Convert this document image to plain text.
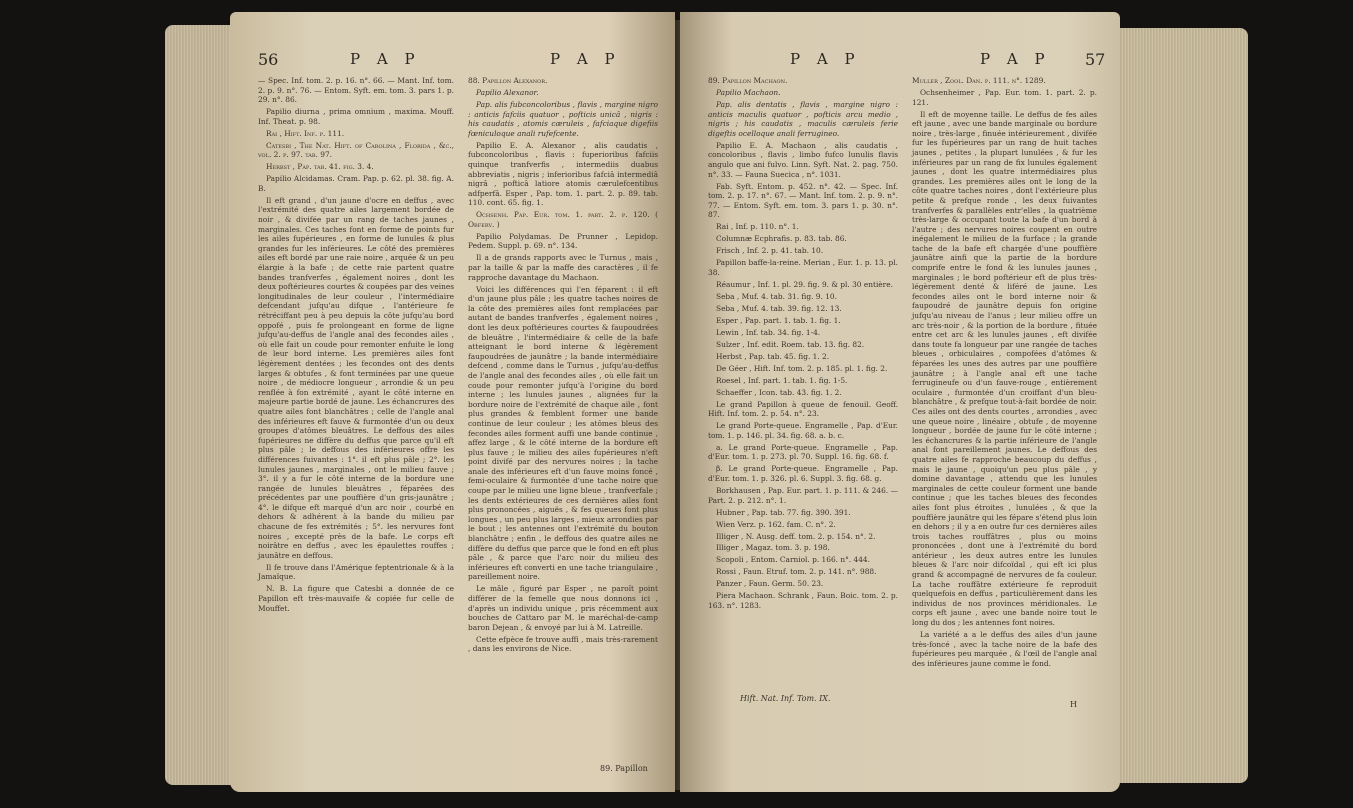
56	P A P	P A P

— Spec. Inf. tom. 2. p. 16. n°. 66. — Mant. Inf. tom. 2. p. 9. n°. 76. — Entom. Syft. em. tom. 3. pars 1. p. 29. n°. 86.

Papilio diurna , prima omnium , maxima. Mouff. Inf. Theat. p. 98.

Rai , Hift. Inf. p. 111.

Catesbi , The Nat. Hift. of Carolina , Florida , &c., vol. 2. p. 97. tab. 97.

Herbst , Pap. tab. 41. fig. 3. 4.

Papilio Alcidamas. Cram. Pap. p. 62. pl. 38. fig. A. B.

Il eft grand , d'un jaune d'ocre en deffus , avec l'extrémité des quatre ailes largement bordée de noir , & divifée par un rang de taches jaunes , marginales. Ces taches font en forme de points fur les ailes fupérieures , en forme de lunules & plus grandes fur les inférieures. Le côté des premières ailes eft bordé par une raie noire , arquée & un peu élargie à la bafe ; de cette raie partent quatre bandes tranfverfes , également noires , dont les deux poftérieures courtes & coupées par des veines longitudinales de leur couleur , l'intermédiaire defcendant jufqu'au difque , l'antérieure fe rétréciffant peu à peu depuis la côte jufqu'au bord oppofé , puis fe prolongeant en forme de ligne jufqu'au-deffus de l'angle anal des fecondes ailes , où elle fait un coude pour remonter enfuite le long de leur bord interne. Les premières ailes font légèrement dentées ; les fecondes ont des dents larges & obtufes , & font terminées par une queue noire , de médiocre longueur , arrondie & un peu renflée à fon extrémité , ayant le côté interne en majeure partie bordé de jaune. Les échancrures des quatre ailes font blanchâtres ; celle de l'angle anal des inférieures eft fauve & furmontée d'un ou deux groupes d'atômes bleuâtres. Le deffous des ailes fupérieures ne diffère du deffus que parce qu'il eft plus pâle ; le deffous des inférieures offre les différences fuivantes : 1°. il eft plus pâle ; 2°. les lunules jaunes , marginales , ont le milieu fauve ; 3°. il y a fur le côté interne de la bordure une rangée de lunules bleuâtres , féparées des précédentes par une pouffière d'un gris-jaunâtre ; 4°. le difque eft marqué d'un arc noir , courbé en dehors & adhérent à la bande du milieu par chacune de fes extrémités ; 5°. les nervures font noires , excepté près de la bafe. Le corps eft noirâtre en deffus , avec les épaulettes rouffes ; jaunâtre en deffous.

Il fe trouve dans l'Amérique feptentrionale & à la Jamaïque.

N. B. La figure que Catesbi a donnée de ce Papillon eft très-mauvaife & copiée fur celle de Mouffet.

88. Papillon Alexanor.

Papilio Alexanor.

Pap. alis fubconcoloribus , flavis , margine nigro : anticis fafciis quatuor , pofticis unicâ , nigris : his caudatis , atomis cæruleis , fafciaque digefiis fœniculoque anali rufefcente.

Papilio E. A. Alexanor , alis caudatis , fubconcoloribus , flavis : fuperioribus fafciis quinque tranfverfis , intermediis duabus abbreviatis , nigris ; inferioribus fafciâ intermediâ nigrâ , pofticâ latiore atomis cærulefcentibus adfperfâ. Esper , Pap. tom. 1. part. 2. p. 89. tab. 110. cont. 65. fig. 1.

Ochsenh. Pap. Eur. tom. 1. part. 2. p. 120. ( Obferv. )

Papilio Polydamas. De Prunner , Lepidop. Pedem. Suppl. p. 69. n°. 134.

Il a de grands rapports avec le Turnus , mais , par la taille & par la maffe des caractères , il fe rapproche davantage du Machaon.

Voici les différences qui l'en féparent : il eft d'un jaune plus pâle ; les quatre taches noires de la côte des premières ailes font remplacées par autant de bandes tranfverfes , également noires , dont les deux poftérieures courtes & faupoudrées de bleuâtre , l'intermédiaire & celle de la bafe atteignant le bord interne & légèrement faupoudrées de jaunâtre ; la bande intermédiaire defcend , comme dans le Turnus , jufqu'au-deffus de l'angle anal des fecondes ailes , où elle fait un coude pour remonter jufqu'à l'origine du bord interne ; les lunules jaunes , alignées fur la bordure noire de l'extrémité de chaque aile , font plus grandes & femblent former une bande continue de leur couleur ; les atômes bleus des fecondes ailes forment auffi une bande continue , affez large , & le côté interne de la bordure eft plus fauve ; le milieu des ailes fupérieures n'eft point divifé par des nervures noires ; la tache anale des inférieures eft d'un fauve moins foncé , femi-oculaire & furmontée d'une tache noire que coupe par le milieu une ligne bleue , tranfverfale ; les dents extérieures de ces dernières ailes font plus prononcées , aiguës , & fes queues font plus longues , un peu plus larges , mieux arrondies par le bout ; les antennes ont l'extrémité du bouton blanchâtre ; enfin , le deffous des quatre ailes ne diffère du deffus que parce que le fond en eft plus pâle , & parce que l'arc noir du milieu des inférieures eft converti en une tache triangulaire , pareillement noire.

Le mâle , figuré par Esper , ne paroît point différer de la femelle que nous donnons ici , d'après un individu unique , pris récemment aux bouches de Cattaro par M. le maréchal-de-camp baron Dejean , & envoyé par lui à M. Latreille.

Cette efpèce fe trouve auffi , mais très-rarement , dans les environs de Nice.

89. Papillon
P A P	P A P 57

89. Papillon Machaon.

Papilio Machaon.

Pap. alis dentatis , flavis , margine nigro : anticis maculis quatuor , pofticis arcu medio , nigris ; his caudatis , maculis cæruleis ferie digeftis ocelloque anali ferrugineo.

Papilio E. A. Machaon , alis caudatis , concoloribus , flavis , limbo fufco lunulis flavis angulo que ani fulvo. Linn. Syft. Nat. 2. pag. 750. n°. 33. — Fauna Suecica , n°. 1031.

Fab. Syft. Entom. p. 452. n°. 42. — Spec. Inf. tom. 2. p. 17. n°. 67. — Mant. Inf. tom. 2. p. 9. n°. 77. — Entom. Syft. em. tom. 3. pars 1. p. 30. n°. 87.

Rai , Inf. p. 110. n°. 1.

Columnæ Ecphrafis. p. 83. tab. 86.

Frisch , Inf. 2. p. 41. tab. 10.

Papillon baffe-la-reine. Merian , Eur. 1. p. 13. pl. 38.

Réaumur , Inf. 1. pl. 29. fig. 9. & pl. 30 entière.

Seba , Muf. 4. tab. 31. fig. 9. 10.

Seba , Muf. 4. tab. 39. fig. 12. 13.

Esper , Pap. part. 1. tab. 1. fig. 1.

Lewin , Inf. tab. 34. fig. 1-4.

Sulzer , Inf. edit. Roem. tab. 13. fig. 82.

Herbst , Pap. tab. 45. fig. 1. 2.

De Géer , Hift. Inf. tom. 2. p. 185. pl. 1. fig. 2.

Roesel , Inf. part. 1. tab. 1. fig. 1-5.

Schaeffer , Icon. tab. 43. fig. 1. 2.

Le grand Papillon à queue de fenouil. Geoff. Hift. Inf. tom. 2. p. 54. n°. 23.

Le grand Porte-queue. Engramelle , Pap. d'Eur. tom. 1. p. 146. pl. 34. fig. 68. a. b. c.

a. Le grand Porte-queue. Engramelle , Pap. d'Eur. tom. 1. p. 273. pl. 70. Suppl. 16. fig. 68. f.

β. Le grand Porte-queue. Engramelle , Pap. d'Eur. tom. 1. p. 326. pl. 6. Suppl. 3. fig. 68. g.

Borkhausen , Pap. Eur. part. 1. p. 111. & 246. — Part. 2. p. 212. n°. 1.

Hubner , Pap. tab. 77. fig. 390. 391.

Wien Verz. p. 162. fam. C. n°. 2.

Illiger , N. Ausg. deff. tom. 2. p. 154. n°. 2.

Illiger , Magaz. tom. 3. p. 198.

Scopoli , Entom. Carniol. p. 166. n°. 444.

Rossi , Faun. Etruf. tom. 2. p. 141. n°. 988.

Panzer , Faun. Germ. 50. 23.

Piera Machaon. Schrank , Faun. Boic. tom. 2. p. 163. n°. 1283.

Hift. Nat. Inf. Tom. IX.

Muller , Zool. Dan. p. 111. n°. 1289.

Ochsenheimer , Pap. Eur. tom. 1. part. 2. p. 121.

Il eft de moyenne taille. Le deffus de fes ailes eft jaune , avec une bande marginale ou bordure noire , très-large , finuée intérieurement , divifée fur les fupérieures par un rang de huit taches jaunes , petites , la plupart lunulées , & fur les inférieures par un rang de fix lunules également jaunes , dont les quatre intermédiaires plus grandes. Les premières ailes ont le long de la côte quatre taches noires , dont l'extérieure plus petite & prefque ronde , les deux fuivantes tranfverfes & parallèles entr'elles , la quatrième très-large & occupant toute la bafe d'un bord à l'autre ; des nervures noires coupent en outre inégalement le milieu de la furface ; la grande tache de la bafe eft chargée d'une pouffière jaunâtre ainfi que la partie de la bordure comprife entre le fond & les lunules jaunes , marginales ; le bord poftérieur eft de plus très-légèrement denté & liféré de jaune. Les fecondes ailes ont le bord interne noir & faupoudré de jaunâtre depuis fon origine jufqu'au niveau de l'anus ; leur milieu offre un arc très-noir , & la portion de la bordure , fituée entre cet arc & les lunules jaunes , eft divifée dans toute fa longueur par une rangée de taches bleues , orbiculaires , compofées d'atômes & féparées les unes des autres par une pouffière jaunâtre ; à l'angle anal eft une tache ferrugineufe ou d'un fauve-rouge , entièrement oculaire , furmontée d'un croiffant d'un bleu-blanchâtre , & prefque tout-à-fait bordée de noir. Ces ailes ont des dents courtes , arrondies , avec une queue noire , linéaire , obtufe , de moyenne longueur , bordée de jaune fur le côté interne ; les échancrures & la partie inférieure de l'angle anal font pareillement jaunes. Le deffous des quatre ailes fe rapproche beaucoup du deffus , mais le jaune , quoiqu'un peu plus pâle , y domine davantage , attendu que les lunules marginales de cette couleur forment une bande continue ; que les taches bleues des fecondes ailes font plus étroites , lunulées , & que la pouffière jaunâtre qui les fépare s'étend plus loin en dehors ; il y a en outre fur ces dernières ailes trois taches rouffâtres , plus ou moins prononcées , dont une à l'extrémité du bord antérieur , les deux autres entre les lunules bleues & l'arc noir difcoïdal , qui eft ici plus grand & accompagné de nervures de fa couleur. La tache rouffâtre extérieure fe reproduit quelquefois en deffus , particulièrement dans les individus de nos provinces méridionales. Le corps eft jaune , avec une bande noire tout le long du dos ; les antennes font noires.

La variété a a le deffus des ailes d'un jaune très-foncé , avec la tache noire de la bafe des fupérieures peu marquée , & l'œil de l'angle anal des inférieures jaune comme le fond.

H
